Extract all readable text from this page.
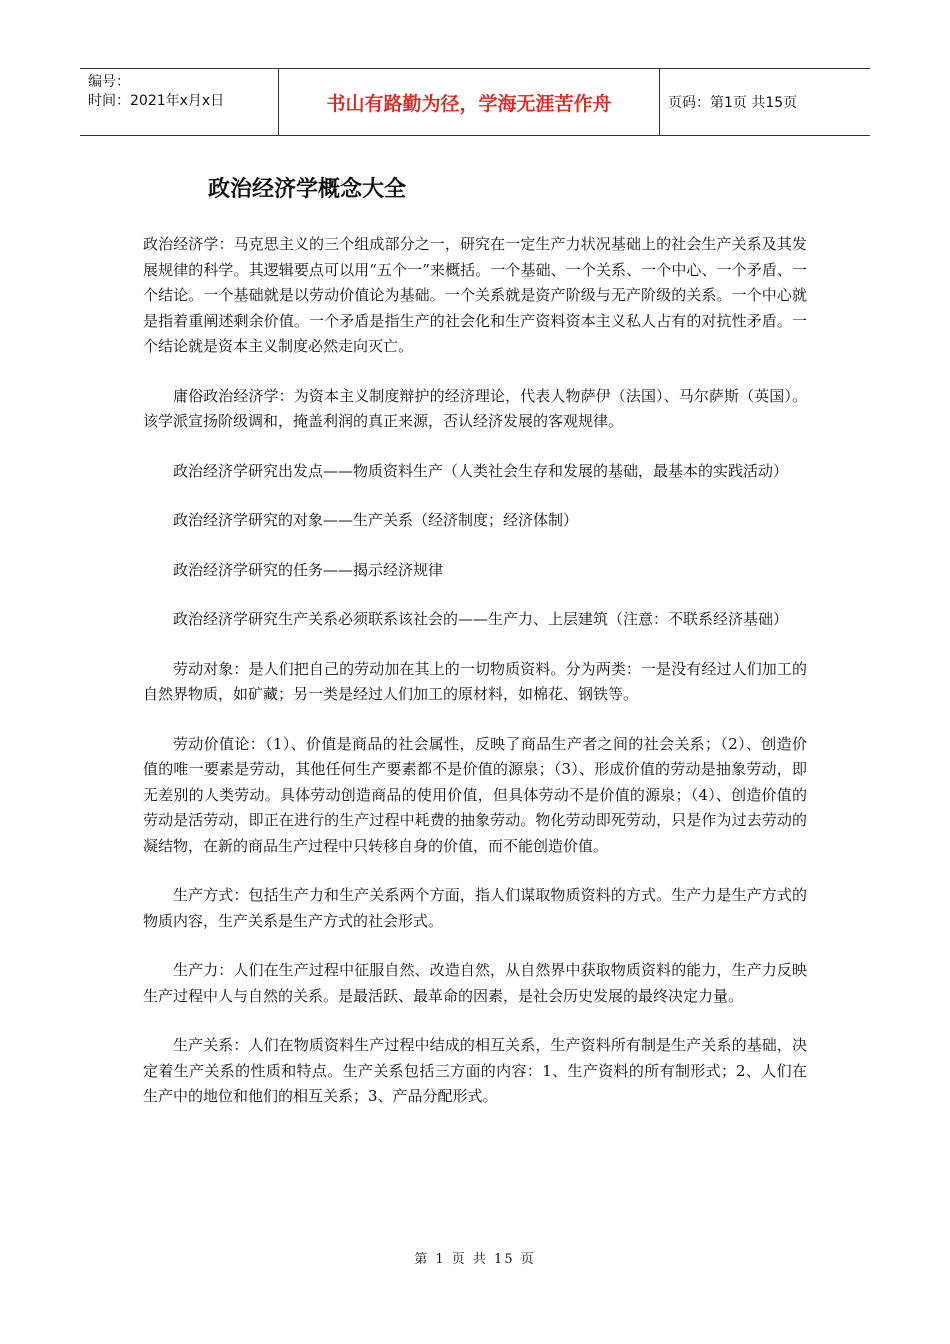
编号：
时间：2021年x月x日	书山有路勤为径，学海无涯苦作舟	页码：第1页 共15页
政治经济学概念大全

政治经济学：马克思主义的三个组成部分之一，研究在一定生产力状况基础上的社会生产关系及其发展规律的科学。其逻辑要点可以用“五个一”来概括。一个基础、一个关系、一个中心、一个矛盾、一个结论。一个基础就是以劳动价值论为基础。一个关系就是资产阶级与无产阶级的关系。一个中心就是指着重阐述剩余价值。一个矛盾是指生产的社会化和生产资料资本主义私人占有的对抗性矛盾。一个结论就是资本主义制度必然走向灭亡。

庸俗政治经济学：为资本主义制度辩护的经济理论，代表人物萨伊（法国）、马尔萨斯（英国）。该学派宣扬阶级调和，掩盖利润的真正来源，否认经济发展的客观规律。

政治经济学研究出发点——物质资料生产（人类社会生存和发展的基础，最基本的实践活动）

政治经济学研究的对象——生产关系（经济制度；经济体制）

政治经济学研究的任务——揭示经济规律

政治经济学研究生产关系必须联系该社会的——生产力、上层建筑（注意：不联系经济基础）

劳动对象：是人们把自己的劳动加在其上的一切物质资料。分为两类：一是没有经过人们加工的自然界物质，如矿藏；另一类是经过人们加工的原材料，如棉花、钢铁等。

劳动价值论：（1）、价值是商品的社会属性，反映了商品生产者之间的社会关系；（2）、创造价值的唯一要素是劳动，其他任何生产要素都不是价值的源泉；（3）、形成价值的劳动是抽象劳动，即无差别的人类劳动。具体劳动创造商品的使用价值，但具体劳动不是价值的源泉；（4）、创造价值的劳动是活劳动，即正在进行的生产过程中耗费的抽象劳动。物化劳动即死劳动，只是作为过去劳动的凝结物，在新的商品生产过程中只转移自身的价值，而不能创造价值。

生产方式：包括生产力和生产关系两个方面，指人们谋取物质资料的方式。生产力是生产方式的物质内容，生产关系是生产方式的社会形式。

生产力：人们在生产过程中征服自然、改造自然，从自然界中获取物质资料的能力，生产力反映生产过程中人与自然的关系。是最活跃、最革命的因素，是社会历史发展的最终决定力量。

生产关系：人们在物质资料生产过程中结成的相互关系，生产资料所有制是生产关系的基础，决定着生产关系的性质和特点。生产关系包括三方面的内容：1、生产资料的所有制形式；2、人们在生产中的地位和他们的相互关系；3、产品分配形式。

第 1 页 共 15 页
